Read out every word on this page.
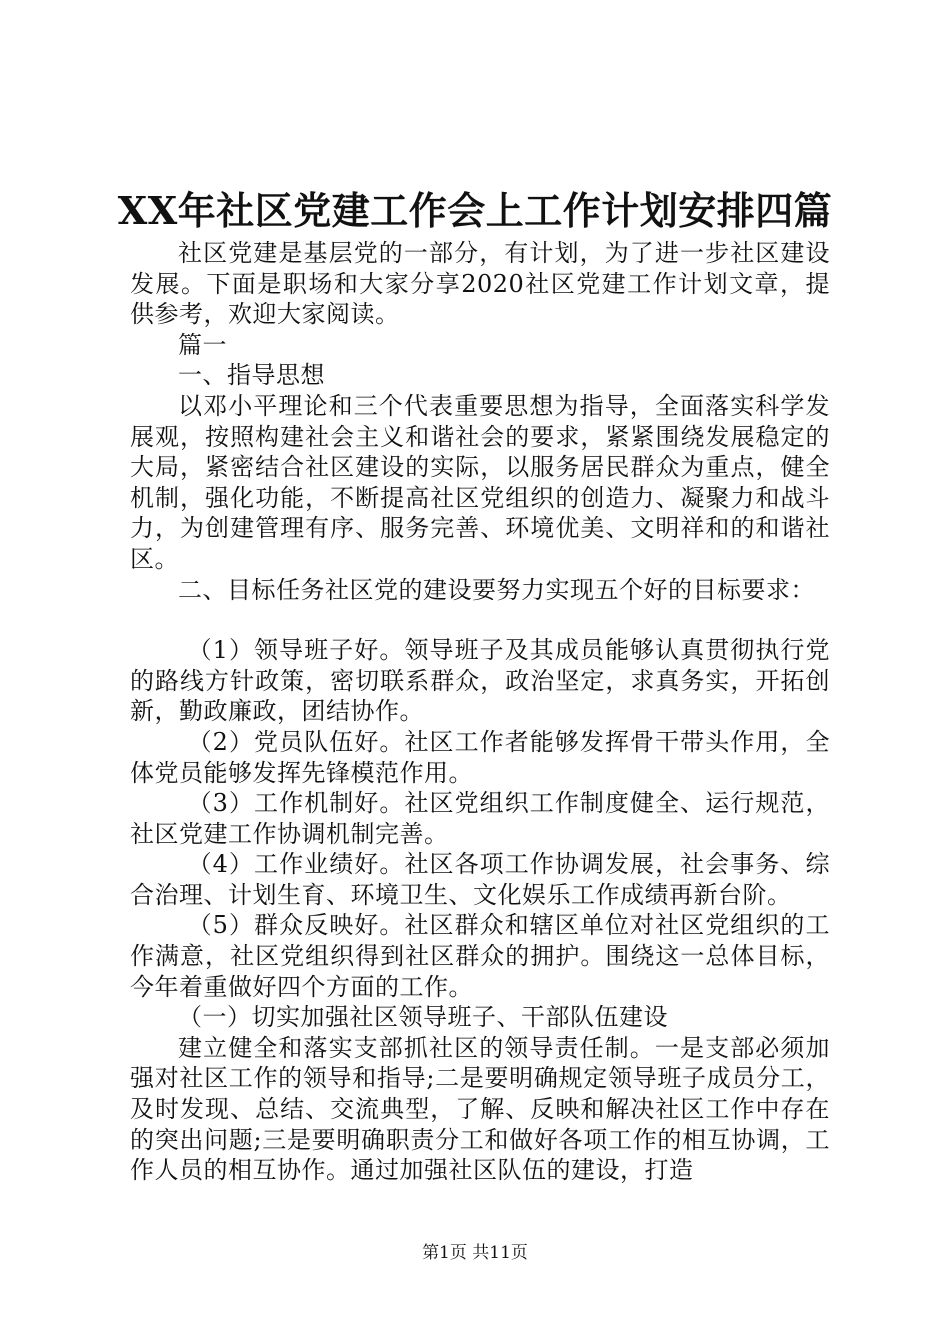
XX年社区党建工作会上工作计划安排四篇

社区党建是基层党的一部分，有计划，为了进一步社区建设发展。下面是职场和大家分享2020社区党建工作计划文章，提供参考，欢迎大家阅读。

篇一

一、指导思想

以邓小平理论和三个代表重要思想为指导，全面落实科学发展观，按照构建社会主义和谐社会的要求，紧紧围绕发展稳定的大局，紧密结合社区建设的实际，以服务居民群众为重点，健全机制，强化功能，不断提高社区党组织的创造力、凝聚力和战斗力，为创建管理有序、服务完善、环境优美、文明祥和的和谐社区。

二、目标任务社区党的建设要努力实现五个好的目标要求：

（1）领导班子好。领导班子及其成员能够认真贯彻执行党的路线方针政策，密切联系群众，政治坚定，求真务实，开拓创新，勤政廉政，团结协作。

（2）党员队伍好。社区工作者能够发挥骨干带头作用，全体党员能够发挥先锋模范作用。

（3）工作机制好。社区党组织工作制度健全、运行规范，社区党建工作协调机制完善。

（4）工作业绩好。社区各项工作协调发展，社会事务、综合治理、计划生育、环境卫生、文化娱乐工作成绩再新台阶。

（5）群众反映好。社区群众和辖区单位对社区党组织的工作满意，社区党组织得到社区群众的拥护。围绕这一总体目标，今年着重做好四个方面的工作。

（一）切实加强社区领导班子、干部队伍建设

建立健全和落实支部抓社区的领导责任制。一是支部必须加强对社区工作的领导和指导;二是要明确规定领导班子成员分工，及时发现、总结、交流典型，了解、反映和解决社区工作中存在的突出问题;三是要明确职责分工和做好各项工作的相互协调，工作人员的相互协作。通过加强社区队伍的建设，打造

第1页 共11页
